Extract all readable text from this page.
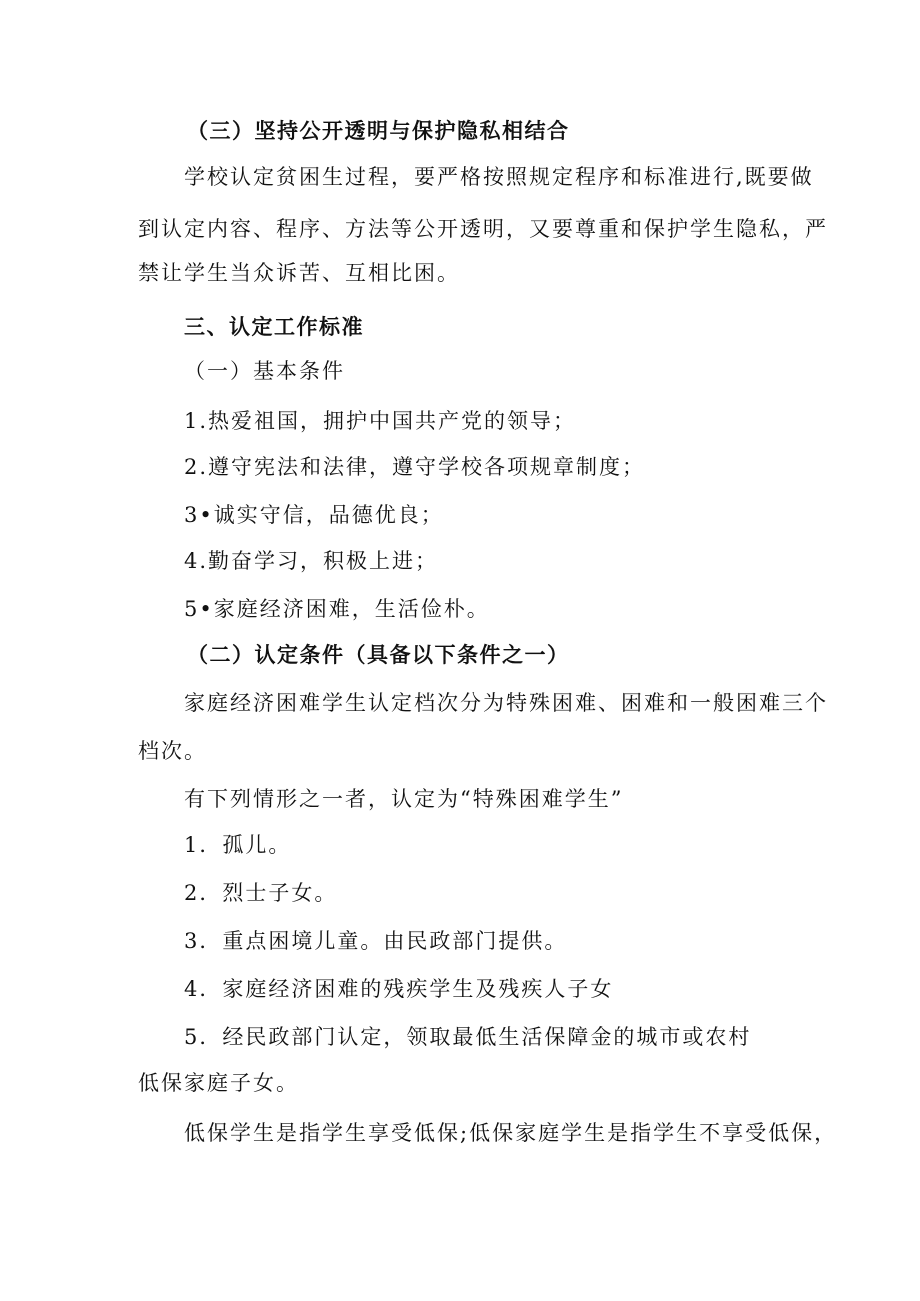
（三）坚持公开透明与保护隐私相结合
学校认定贫困生过程，要严格按照规定程序和标准进行,既要做
到认定内容、程序、方法等公开透明，又要尊重和保护学生隐私，严
禁让学生当众诉苦、互相比困。
三、认定工作标准
（一）基本条件
1.热爱祖国，拥护中国共产党的领导；
2.遵守宪法和法律，遵守学校各项规章制度；
3•诚实守信，品德优良；
4.勤奋学习，积极上进；
5•家庭经济困难，生活俭朴。
（二）认定条件（具备以下条件之一）
家庭经济困难学生认定档次分为特殊困难、困难和一般困难三个
档次。
有下列情形之一者，认定为“特殊困难学生”
1．孤儿。
2．烈士子女。
3．重点困境儿童。由民政部门提供。
4．家庭经济困难的残疾学生及残疾人子女
5．经民政部门认定，领取最低生活保障金的城市或农村
低保家庭子女。
低保学生是指学生享受低保;低保家庭学生是指学生不享受低保，
